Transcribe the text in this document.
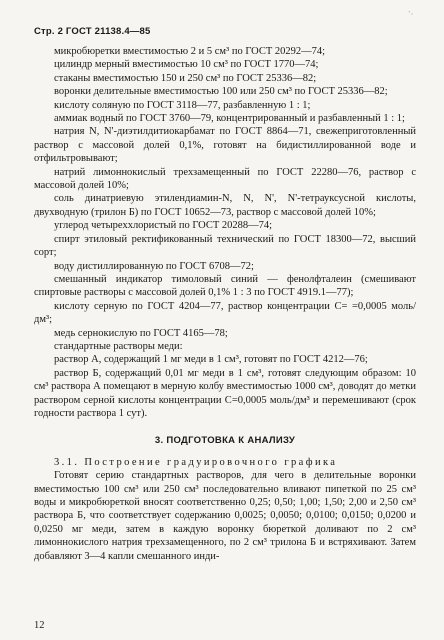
`·
Стр. 2 ГОСТ 21138.4—85

микробюретки вместимостью 2 и 5 см³ по ГОСТ 20292—74;

цилиндр мерный вместимостью 10 см³ по ГОСТ 1770—74;

стаканы вместимостью 150 и 250 см³ по ГОСТ 25336—82;

воронки делительные вместимостью 100 или 250 см³ по ГОСТ 25336—82;

кислоту соляную по ГОСТ 3118—77, разбавленную 1 : 1;

аммиак водный по ГОСТ 3760—79, концентрированный и разбавленный 1 : 1;

натрия N, N'-диэтилдитиокарбамат по ГОСТ 8864—71, свежеприготовленный раствор с массовой долей 0,1%, готовят на бидистиллированной воде и отфильтровывают;

натрий лимоннокислый трехзамещенный по ГОСТ 22280—76, раствор с массовой долей 10%;

соль динатриевую этилендиамин-N, N, N', N'-тетрауксусной кислоты, двухводную (трилон Б) по ГОСТ 10652—73, раствор с массовой долей 10%;

углерод четыреххлористый по ГОСТ 20288—74;

спирт этиловый ректификованный технический по ГОСТ 18300—72, высший сорт;

воду дистиллированную по ГОСТ 6708—72;

смешанный индикатор тимоловый синий — фенолфталеин (смешивают спиртовые растворы с массовой долей 0,1% 1 : 3 по ГОСТ 4919.1—77);

кислоту серную по ГОСТ 4204—77, раствор концентрации С= =0,0005 моль/дм³;

медь сернокислую по ГОСТ 4165—78;

стандартные растворы меди:

раствор А, содержащий 1 мг меди в 1 см³, готовят по ГОСТ 4212—76;

раствор Б, содержащий 0,01 мг меди в 1 см³, готовят следующим образом: 10 см³ раствора А помещают в мерную колбу вместимостью 1000 см³, доводят до метки раствором серной кислоты концентрации С=0,0005 моль/дм³ и перемешивают (срок годности раствора 1 сут).

3. ПОДГОТОВКА К АНАЛИЗУ

3.1. Построение градуировочного графика

Готовят серию стандартных растворов, для чего в делительные воронки вместимостью 100 см³ или 250 см³ последовательно вливают пипеткой по 25 см³ воды и микробюреткой вносят соответственно 0,25; 0,50; 1,00; 1,50; 2,00 и 2,50 см³ раствора Б, что соответствует содержанию 0,0025; 0,0050; 0,0100; 0,0150; 0,0200 и 0,0250 мг меди, затем в каждую воронку бюреткой доливают по 2 см³ лимоннокислого натрия трехзамещенного, по 2 см³ трилона Б и встряхивают. Затем добавляют 3—4 капли смешанного инди-

12
